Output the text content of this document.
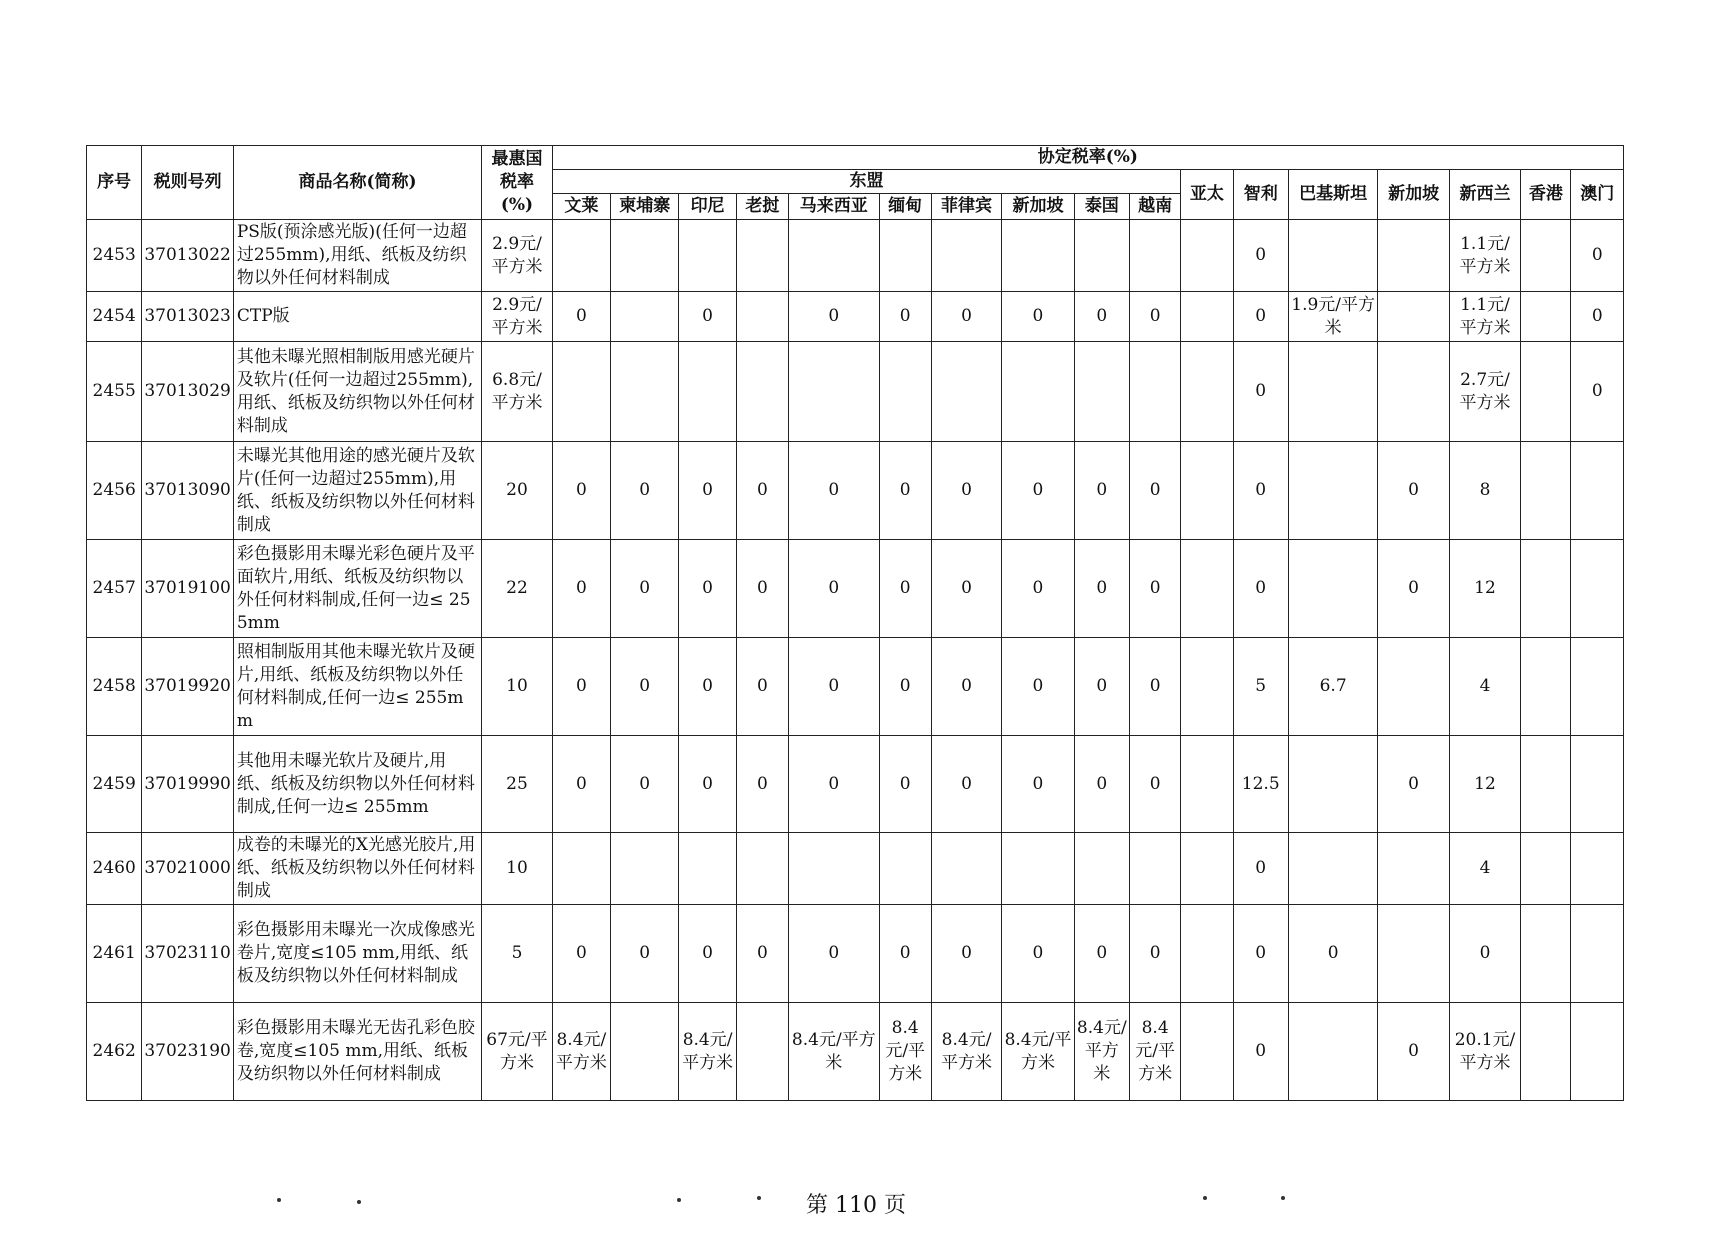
序号	税则号列	商品名称(简称)	最惠国税率(%)	协定税率(%)																
				东盟										亚太	智利	巴基斯坦	新加坡	新西兰	香港	澳门
				文莱	柬埔寨	印尼	老挝	马来西亚	缅甸	菲律宾	新加坡	泰国	越南							
2453	37013022	PS版(预涂感光版)(任何一边超过255mm),用纸、纸板及纺织物以外任何材料制成	2.9元/平方米												0			1.1元/平方米		0
2454	37013023	CTP版	2.9元/平方米	0		0		0	0	0	0	0	0		0	1.9元/平方米		1.1元/平方米		0
2455	37013029	其他未曝光照相制版用感光硬片及软片(任何一边超过255mm),用纸、纸板及纺织物以外任何材料制成	6.8元/平方米												0			2.7元/平方米		0
2456	37013090	未曝光其他用途的感光硬片及软片(任何一边超过255mm),用纸、纸板及纺织物以外任何材料制成	20	0	0	0	0	0	0	0	0	0	0		0		0	8		
2457	37019100	彩色摄影用未曝光彩色硬片及平面软片,用纸、纸板及纺织物以外任何材料制成,任何一边≤ 255mm	22	0	0	0	0	0	0	0	0	0	0		0		0	12		
2458	37019920	照相制版用其他未曝光软片及硬片,用纸、纸板及纺织物以外任何材料制成,任何一边≤ 255mm	10	0	0	0	0	0	0	0	0	0	0		5	6.7		4		
2459	37019990	其他用未曝光软片及硬片,用纸、纸板及纺织物以外任何材料制成,任何一边≤ 255mm	25	0	0	0	0	0	0	0	0	0	0		12.5		0	12		
2460	37021000	成卷的未曝光的X光感光胶片,用纸、纸板及纺织物以外任何材料制成	10												0			4		
2461	37023110	彩色摄影用未曝光一次成像感光卷片,宽度≤105 mm,用纸、纸板及纺织物以外任何材料制成	5	0	0	0	0	0	0	0	0	0	0		0	0		0		
2462	37023190	彩色摄影用未曝光无齿孔彩色胶卷,宽度≤105 mm,用纸、纸板及纺织物以外任何材料制成	67元/平方米	8.4元/平方米		8.4元/平方米		8.4元/平方米	8.4元/平方米	8.4元/平方米	8.4元/平方米	8.4元/平方米	8.4元/平方米		0		0	20.1元/平方米		
第 110 页
